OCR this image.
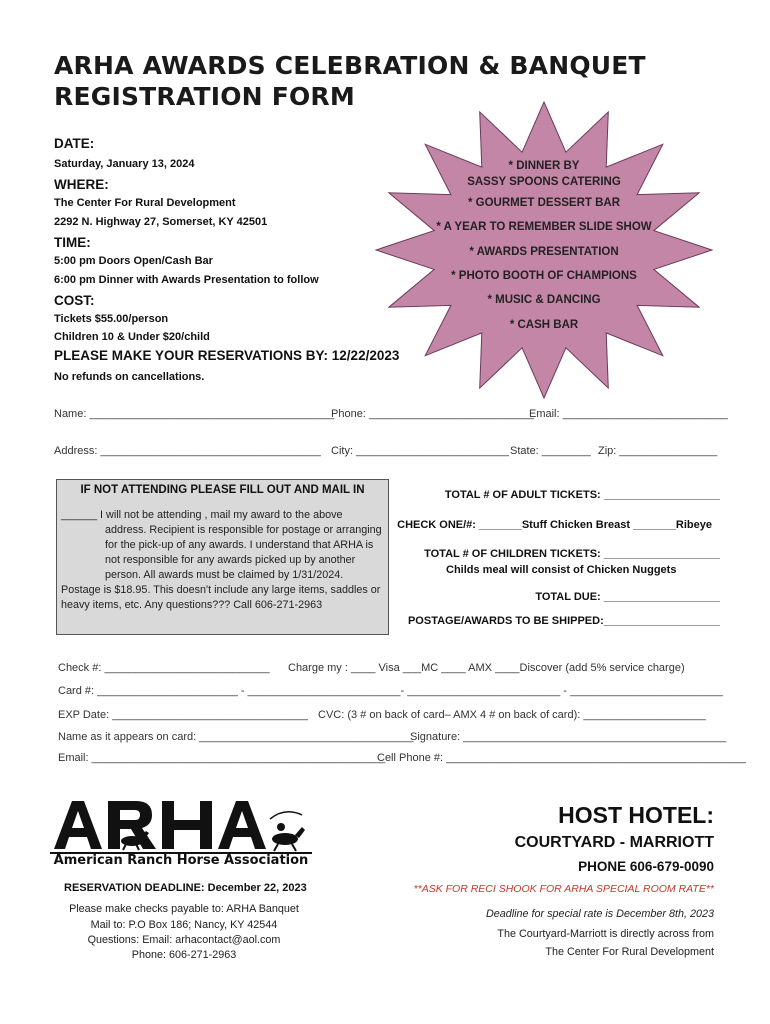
ARHA AWARDS CELEBRATION & BANQUET
REGISTRATION FORM
DATE:
Saturday, January 13, 2024
WHERE:
The Center For Rural Development
2292 N. Highway 27, Somerset, KY 42501
TIME:
5:00 pm Doors Open/Cash Bar
6:00 pm Dinner with Awards Presentation to follow
COST:
Tickets $55.00/person
Children 10 & Under $20/child
PLEASE MAKE YOUR RESERVATIONS BY: 12/22/2023
No refunds on cancellations.
* DINNER BY
SASSY SPOONS CATERING
* GOURMET DESSERT BAR
* A YEAR TO REMEMBER SLIDE SHOW
* AWARDS PRESENTATION
* PHOTO BOOTH OF CHAMPIONS
* MUSIC & DANCING
* CASH BAR
Name: ________________________________________
Phone: ___________________________
Email: ___________________________
Address: ____________________________________ City: _________________________ State: ________ Zip: ________________
IF NOT ATTENDING PLEASE FILL OUT AND MAIL IN
______ I will not be attending , mail my award to the above address. Recipient is responsible for postage or arranging for the pick-up of any awards. I understand that ARHA is not responsible for any awards picked up by another person. All awards must be claimed by 1/31/2024.
Postage is $18.95. This doesn't include any large items, saddles or heavy items, etc. Any questions??? Call 606-271-2963
TOTAL # OF ADULT TICKETS: ___________________
CHECK ONE/#: _______Stuff Chicken Breast _______Ribeye
TOTAL # OF CHILDREN TICKETS: ___________________
Childs meal will consist of Chicken Nuggets
TOTAL DUE: ___________________
POSTAGE/AWARDS TO BE SHIPPED:___________________
Check #: ___________________________ Charge my : ____ Visa ___MC ____ AMX ____Discover (add 5% service charge)
Card #: _______________________ - _________________________- _________________________ - _________________________
EXP Date: ________________________________ CVC: (3 # on back of card– AMX 4 # on back of card): ____________________
Name as it appears on card: ___________________________________
Signature: ___________________________________________
Email: ________________________________________________
Cell Phone #: _________________________________________________
American Ranch Horse Association
RESERVATION DEADLINE: December 22, 2023
Please make checks payable to: ARHA Banquet
Mail to: P.O Box 186; Nancy, KY 42544
Questions: Email: arhacontact@aol.com
Phone: 606-271-2963
HOST HOTEL:
COURTYARD - MARRIOTT
PHONE 606-679-0090
**ASK FOR RECI SHOOK FOR ARHA SPECIAL ROOM RATE**
Deadline for special rate is December 8th, 2023
The Courtyard-Marriott is directly across from
The Center For Rural Development
